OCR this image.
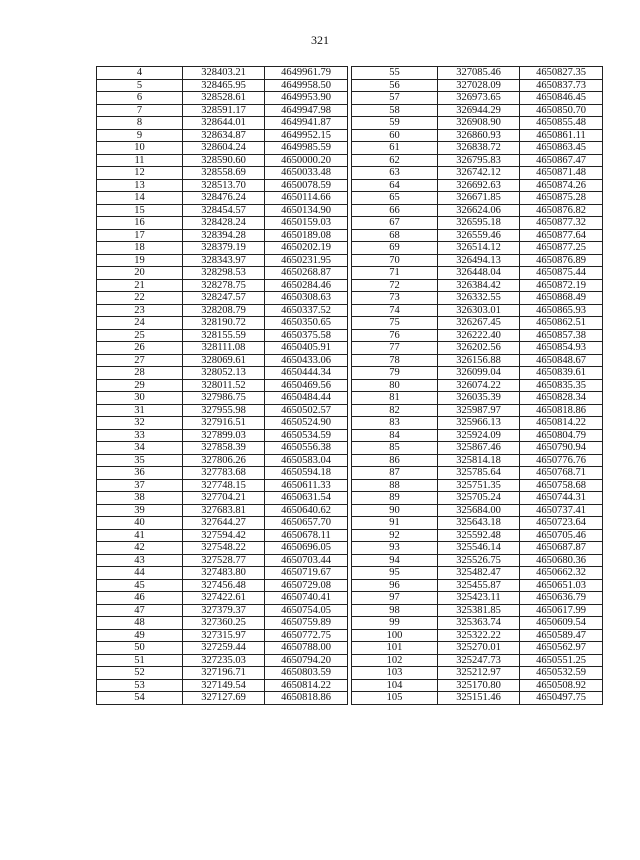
321
4	328403.21	4649961.79
5	328465.95	4649958.50
6	328528.61	4649953.90
7	328591.17	4649947.98
8	328644.01	4649941.87
9	328634.87	4649952.15
10	328604.24	4649985.59
11	328590.60	4650000.20
12	328558.69	4650033.48
13	328513.70	4650078.59
14	328476.24	4650114.66
15	328454.57	4650134.90
16	328428.24	4650159.03
17	328394.28	4650189.08
18	328379.19	4650202.19
19	328343.97	4650231.95
20	328298.53	4650268.87
21	328278.75	4650284.46
22	328247.57	4650308.63
23	328208.79	4650337.52
24	328190.72	4650350.65
25	328155.59	4650375.58
26	328111.08	4650405.91
27	328069.61	4650433.06
28	328052.13	4650444.34
29	328011.52	4650469.56
30	327986.75	4650484.44
31	327955.98	4650502.57
32	327916.51	4650524.90
33	327899.03	4650534.59
34	327858.39	4650556.38
35	327806.26	4650583.04
36	327783.68	4650594.18
37	327748.15	4650611.33
38	327704.21	4650631.54
39	327683.81	4650640.62
40	327644.27	4650657.70
41	327594.42	4650678.11
42	327548.22	4650696.05
43	327528.77	4650703.44
44	327483.80	4650719.67
45	327456.48	4650729.08
46	327422.61	4650740.41
47	327379.37	4650754.05
48	327360.25	4650759.89
49	327315.97	4650772.75
50	327259.44	4650788.00
51	327235.03	4650794.20
52	327196.71	4650803.59
53	327149.54	4650814.22
54	327127.69	4650818.86
55	327085.46	4650827.35
56	327028.09	4650837.73
57	326973.65	4650846.45
58	326944.29	4650850.70
59	326908.90	4650855.48
60	326860.93	4650861.11
61	326838.72	4650863.45
62	326795.83	4650867.47
63	326742.12	4650871.48
64	326692.63	4650874.26
65	326671.85	4650875.28
66	326624.06	4650876.82
67	326595.18	4650877.32
68	326559.46	4650877.64
69	326514.12	4650877.25
70	326494.13	4650876.89
71	326448.04	4650875.44
72	326384.42	4650872.19
73	326332.55	4650868.49
74	326303.01	4650865.93
75	326267.45	4650862.51
76	326222.40	4650857.38
77	326202.56	4650854.93
78	326156.88	4650848.67
79	326099.04	4650839.61
80	326074.22	4650835.35
81	326035.39	4650828.34
82	325987.97	4650818.86
83	325966.13	4650814.22
84	325924.09	4650804.79
85	325867.46	4650790.94
86	325814.18	4650776.76
87	325785.64	4650768.71
88	325751.35	4650758.68
89	325705.24	4650744.31
90	325684.00	4650737.41
91	325643.18	4650723.64
92	325592.48	4650705.46
93	325546.14	4650687.87
94	325526.75	4650680.36
95	325482.47	4650662.32
96	325455.87	4650651.03
97	325423.11	4650636.79
98	325381.85	4650617.99
99	325363.74	4650609.54
100	325322.22	4650589.47
101	325270.01	4650562.97
102	325247.73	4650551.25
103	325212.97	4650532.59
104	325170.80	4650508.92
105	325151.46	4650497.75
